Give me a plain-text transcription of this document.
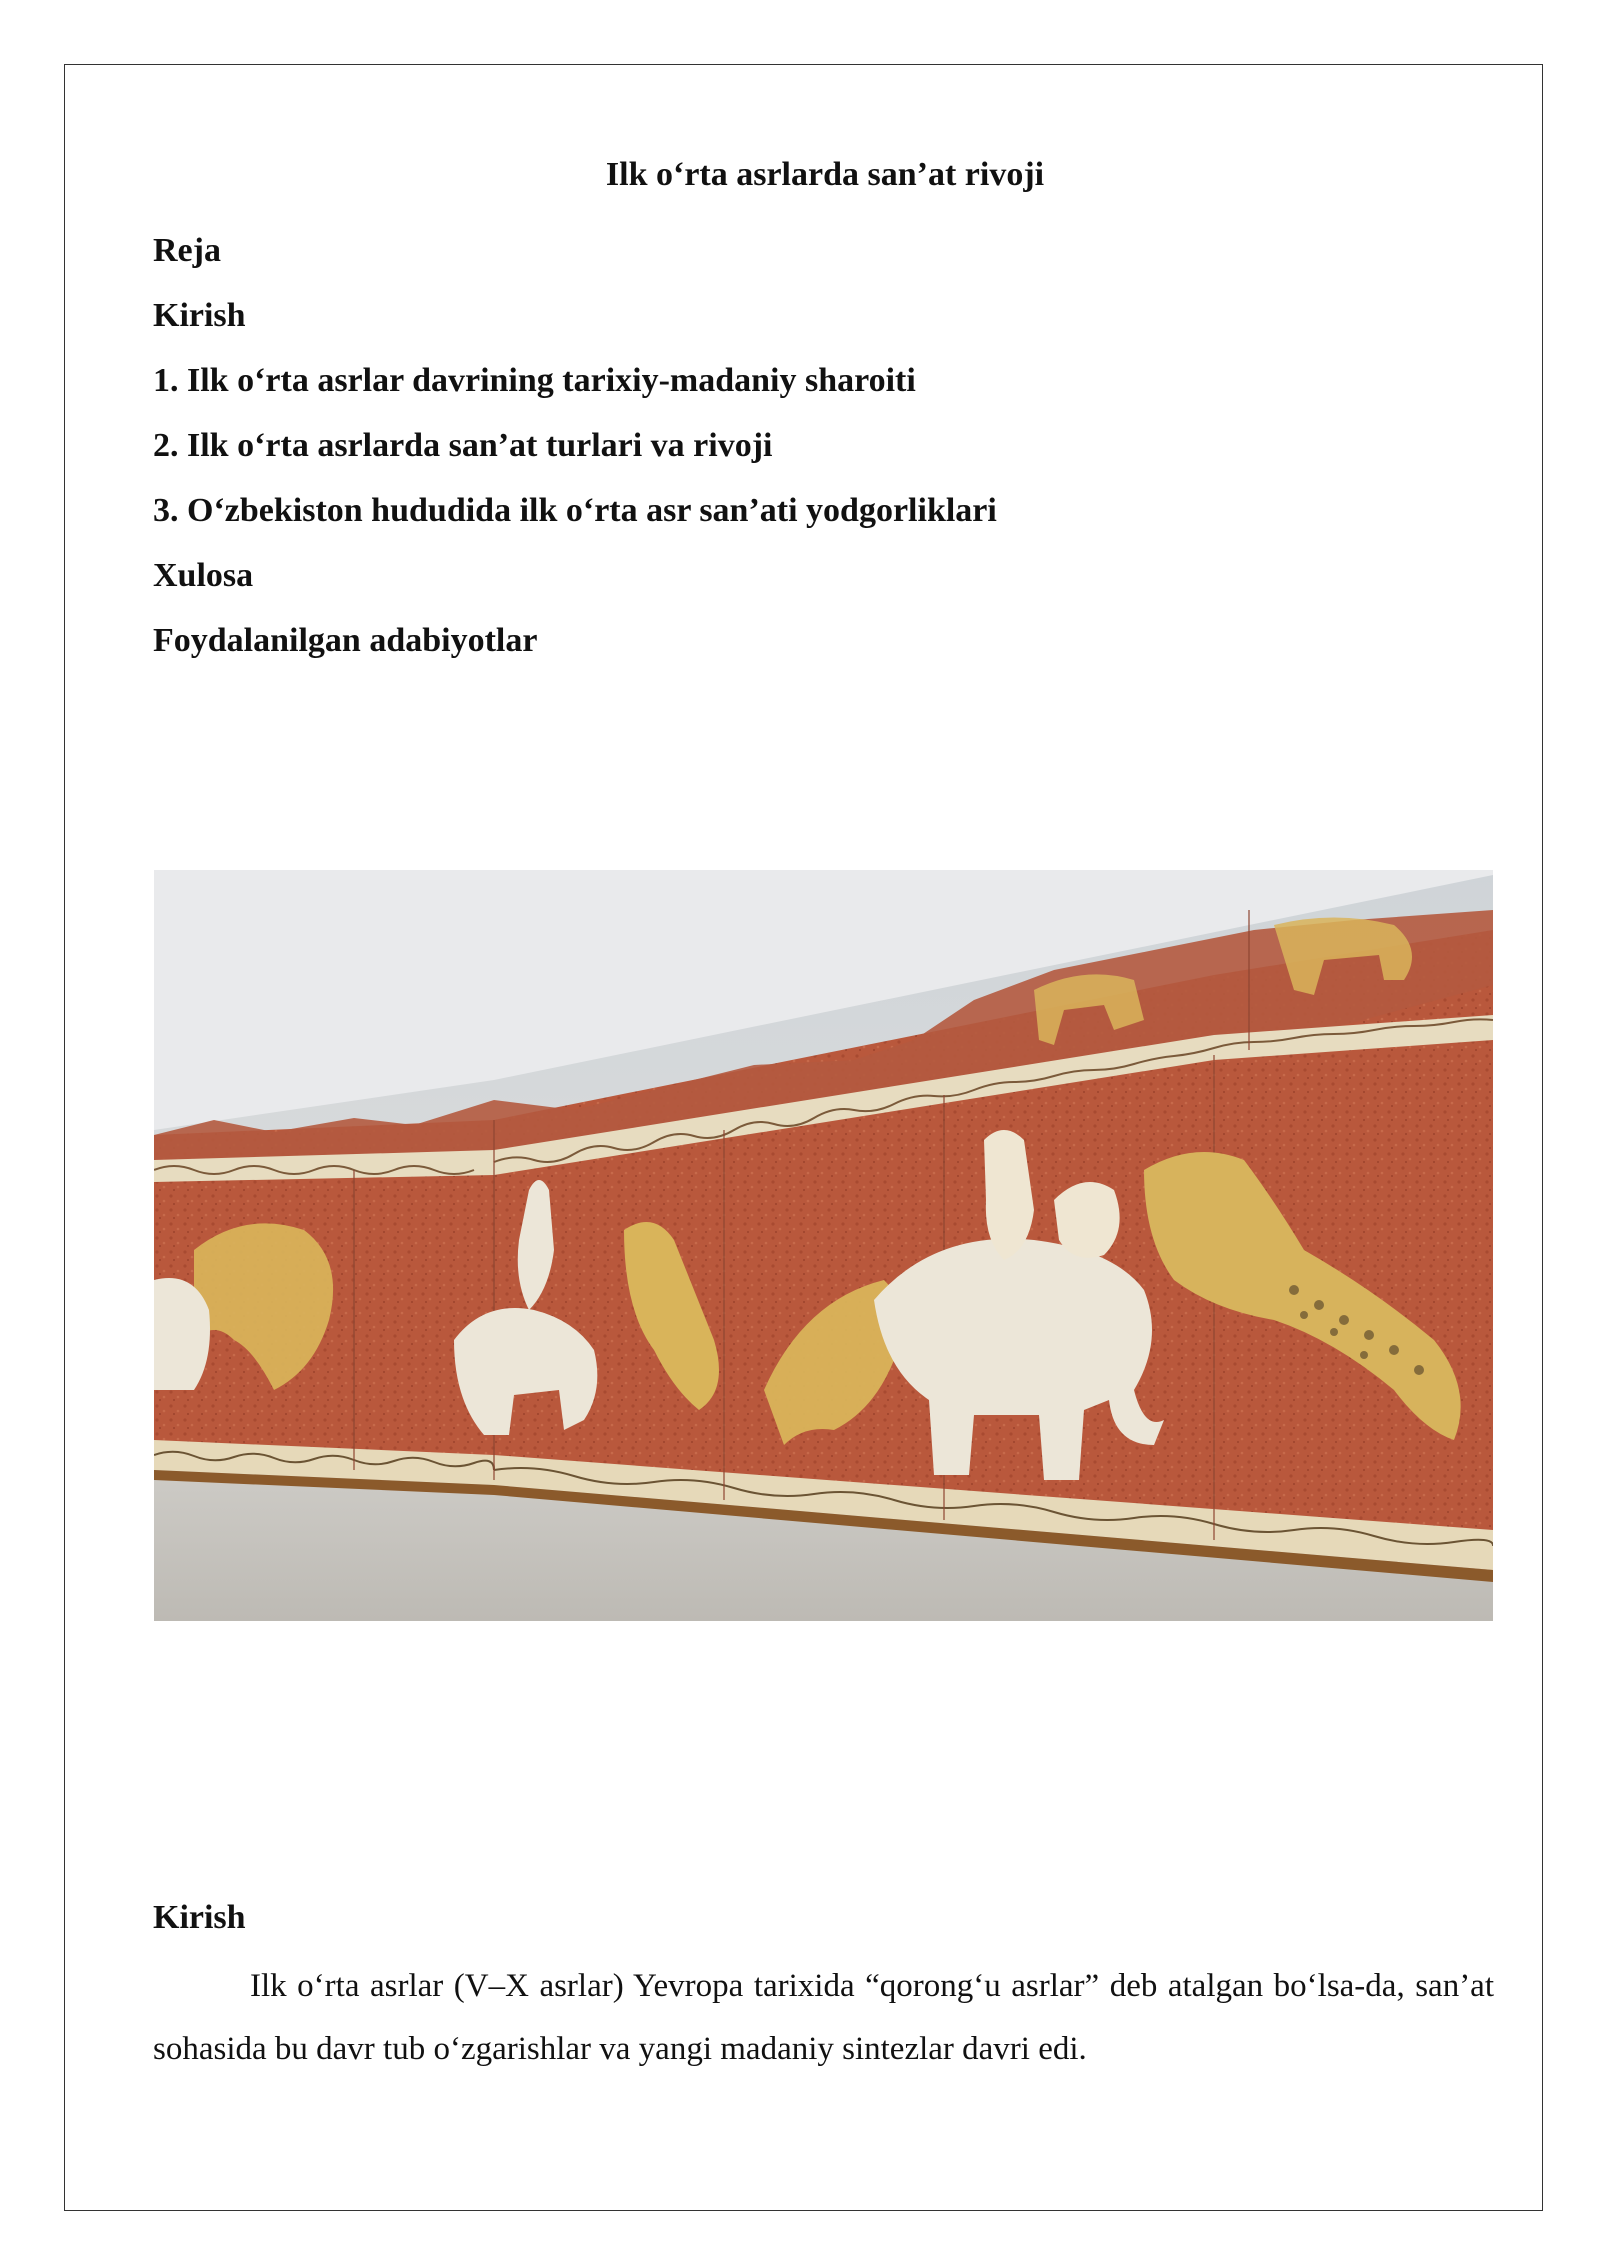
Ilk o‘rta asrlarda san’at rivoji
Reja
Kirish
1. Ilk o‘rta asrlar davrining tarixiy-madaniy sharoiti
2. Ilk o‘rta asrlarda san’at turlari va rivoji
3. O‘zbekiston hududida ilk o‘rta asr san’ati yodgorliklari
Xulosa
Foydalanilgan adabiyotlar
Kirish

Ilk o‘rta asrlar (V–X asrlar) Yevropa tarixida “qorong‘u asrlar” deb atalgan bo‘lsa-da, san’at sohasida bu davr tub o‘zgarishlar va yangi madaniy sintezlar davri edi.
